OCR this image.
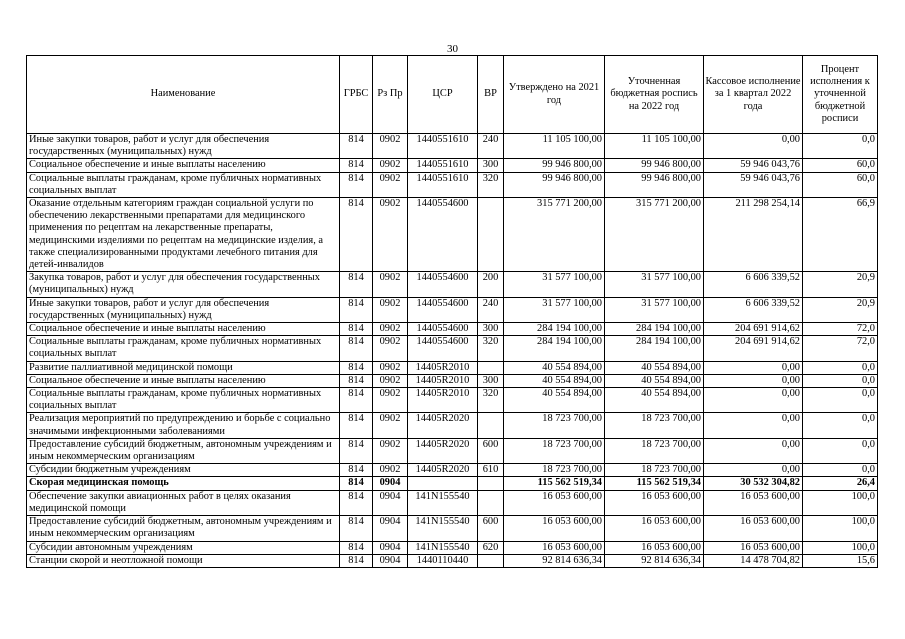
30
Наименование	ГРБС	Рз Пр	ЦСР	ВР	Утверждено на 2021 год	Уточненная бюджетная роспись на 2022 год	Кассовое исполнение за 1 квартал 2022 года	Процент исполнения к уточненной бюджетной росписи
Иные закупки товаров, работ и услуг для обеспечения государственных (муниципальных) нужд	814	0902	1440551610	240	11 105 100,00	11 105 100,00	0,00	0,0
Социальное обеспечение и иные выплаты населению	814	0902	1440551610	300	99 946 800,00	99 946 800,00	59 946 043,76	60,0
Социальные выплаты гражданам, кроме публичных нормативных социальных выплат	814	0902	1440551610	320	99 946 800,00	99 946 800,00	59 946 043,76	60,0
Оказание отдельным категориям граждан социальной услуги по обеспечению лекарственными препаратами для медицинского применения по рецептам на лекарственные препараты, медицинскими изделиями по рецептам на медицинские изделия, а также специализированными продуктами лечебного питания для детей-инвалидов	814	0902	1440554600		315 771 200,00	315 771 200,00	211 298 254,14	66,9
Закупка товаров, работ и услуг для обеспечения государственных (муниципальных) нужд	814	0902	1440554600	200	31 577 100,00	31 577 100,00	6 606 339,52	20,9
Иные закупки товаров, работ и услуг для обеспечения государственных (муниципальных) нужд	814	0902	1440554600	240	31 577 100,00	31 577 100,00	6 606 339,52	20,9
Социальное обеспечение и иные выплаты населению	814	0902	1440554600	300	284 194 100,00	284 194 100,00	204 691 914,62	72,0
Социальные выплаты гражданам, кроме публичных нормативных социальных выплат	814	0902	1440554600	320	284 194 100,00	284 194 100,00	204 691 914,62	72,0
Развитие паллиативной медицинской помощи	814	0902	14405R2010		40 554 894,00	40 554 894,00	0,00	0,0
Социальное обеспечение и иные выплаты населению	814	0902	14405R2010	300	40 554 894,00	40 554 894,00	0,00	0,0
Социальные выплаты гражданам, кроме публичных нормативных социальных выплат	814	0902	14405R2010	320	40 554 894,00	40 554 894,00	0,00	0,0
Реализация мероприятий по предупреждению и борьбе с социально значимыми инфекционными заболеваниями	814	0902	14405R2020		18 723 700,00	18 723 700,00	0,00	0,0
Предоставление субсидий бюджетным, автономным учреждениям и иным некоммерческим организациям	814	0902	14405R2020	600	18 723 700,00	18 723 700,00	0,00	0,0
Субсидии бюджетным учреждениям	814	0902	14405R2020	610	18 723 700,00	18 723 700,00	0,00	0,0
Скорая медицинская помощь	814	0904			115 562 519,34	115 562 519,34	30 532 304,82	26,4
Обеспечение закупки авиационных работ в целях оказания медицинской помощи	814	0904	141N155540		16 053 600,00	16 053 600,00	16 053 600,00	100,0
Предоставление субсидий бюджетным, автономным учреждениям и иным некоммерческим организациям	814	0904	141N155540	600	16 053 600,00	16 053 600,00	16 053 600,00	100,0
Субсидии автономным учреждениям	814	0904	141N155540	620	16 053 600,00	16 053 600,00	16 053 600,00	100,0
Станции скорой и неотложной помощи	814	0904	1440110440		92 814 636,34	92 814 636,34	14 478 704,82	15,6
